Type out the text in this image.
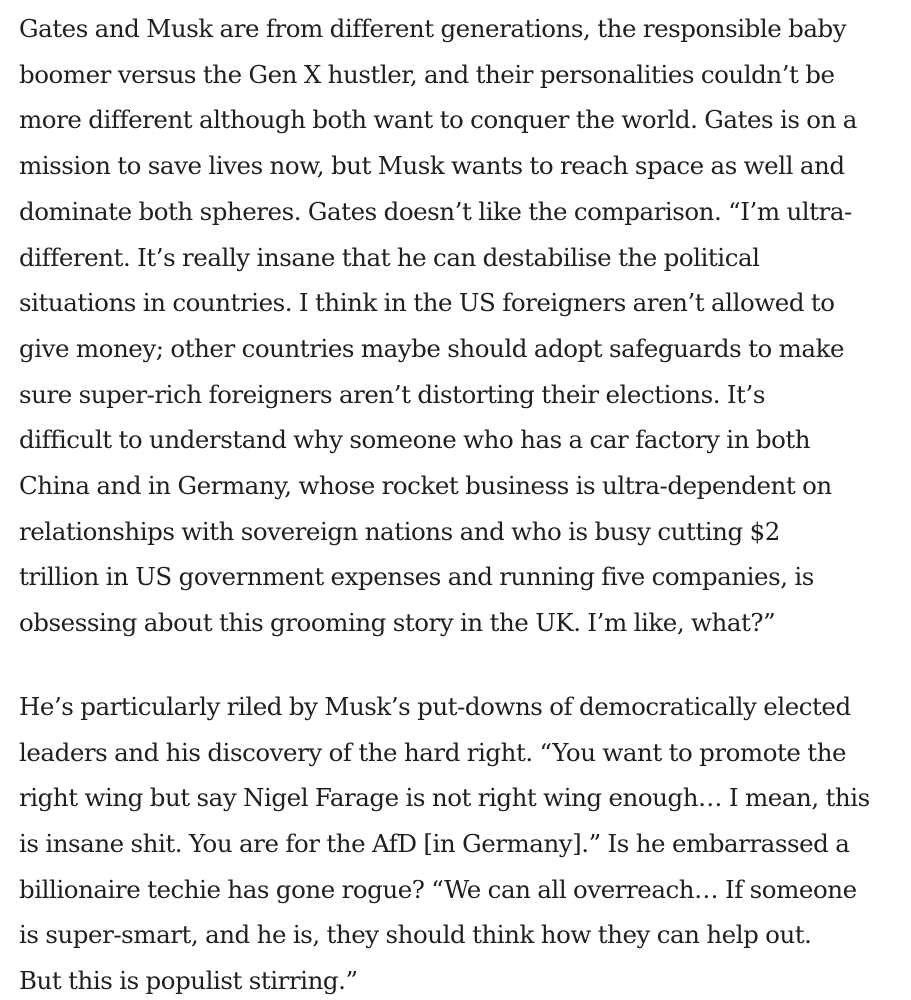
Gates and Musk are from different generations, the responsible baby
boomer versus the Gen X hustler, and their personalities couldn’t be
more different although both want to conquer the world. Gates is on a
mission to save lives now, but Musk wants to reach space as well and
dominate both spheres. Gates doesn’t like the comparison. “I’m ultra-
different. It’s really insane that he can destabilise the political
situations in countries. I think in the US foreigners aren’t allowed to
give money; other countries maybe should adopt safeguards to make
sure super-rich foreigners aren’t distorting their elections. It’s
difficult to understand why someone who has a car factory in both
China and in Germany, whose rocket business is ultra-dependent on
relationships with sovereign nations and who is busy cutting $2
trillion in US government expenses and running five companies, is
obsessing about this grooming story in the UK. I’m like, what?”

He’s particularly riled by Musk’s put-downs of democratically elected
leaders and his discovery of the hard right. “You want to promote the
right wing but say Nigel Farage is not right wing enough… I mean, this
is insane shit. You are for the AfD [in Germany].” Is he embarrassed a
billionaire techie has gone rogue? “We can all overreach… If someone
is super-smart, and he is, they should think how they can help out.
But this is populist stirring.”
